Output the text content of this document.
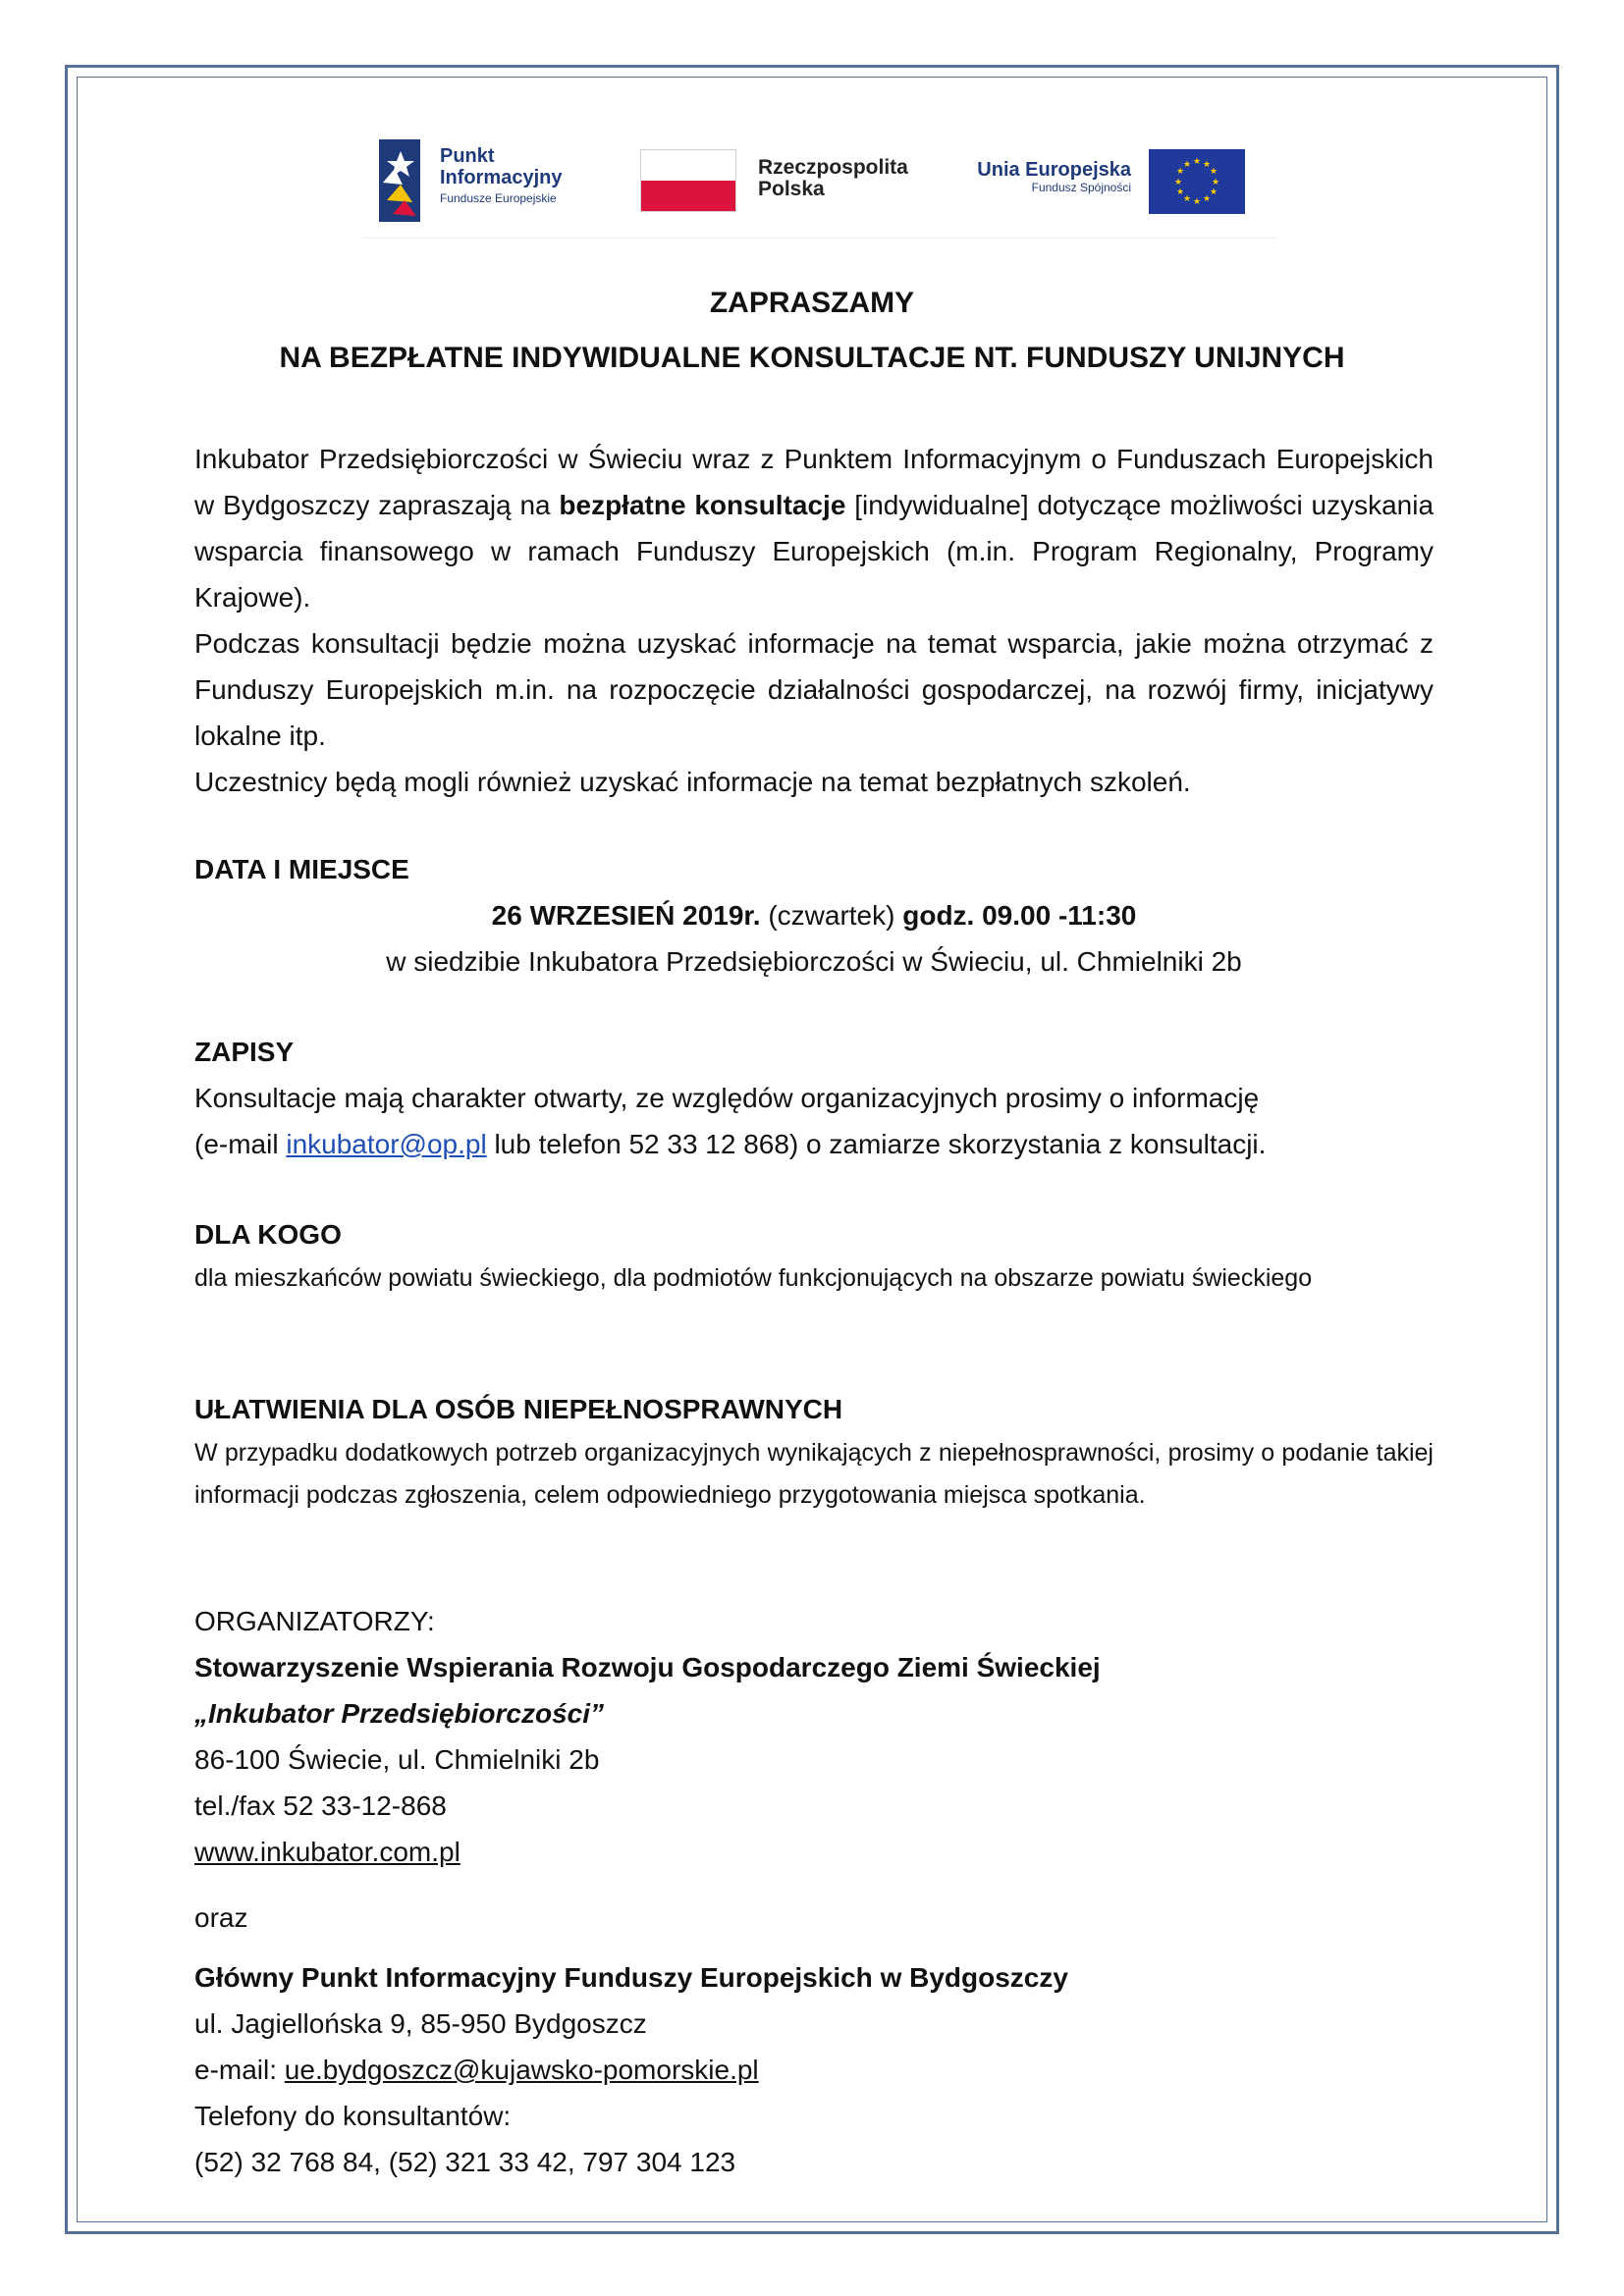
Punkt
Informacyjny
Fundusze Europejskie
Rzeczpospolita
Polska
Unia Europejska
Fundusz Spójności
★ ★
★
★
★
★
★
★
★
★
★
★
ZAPRASZAMY
NA BEZPŁATNE INDYWIDUALNE KONSULTACJE NT. FUNDUSZY UNIJNYCH

Inkubator Przedsiębiorczości w Świeciu wraz z Punktem Informacyjnym o Funduszach Europejskich w Bydgoszczy zapraszają na bezpłatne konsultacje [indywidualne] dotyczące możliwości uzyskania wsparcia finansowego w ramach Funduszy Europejskich (m.in. Program Regionalny, Programy Krajowe).

Podczas konsultacji będzie można uzyskać informacje na temat wsparcia, jakie można otrzymać z Funduszy Europejskich m.in. na rozpoczęcie działalności gospodarczej, na rozwój firmy, inicjatywy lokalne itp.

Uczestnicy będą mogli również uzyskać informacje na temat bezpłatnych szkoleń.

DATA I MIEJSCE

26 WRZESIEŃ 2019r. (czwartek) godz. 09.00 -11:30

w siedzibie Inkubatora Przedsiębiorczości w Świeciu, ul. Chmielniki 2b

ZAPISY

Konsultacje mają charakter otwarty, ze względów organizacyjnych prosimy o informację

(e-mail inkubator@op.pl lub telefon 52 33 12 868) o zamiarze skorzystania z konsultacji.

DLA KOGO

dla mieszkańców powiatu świeckiego, dla podmiotów funkcjonujących na obszarze powiatu świeckiego

UŁATWIENIA DLA OSÓB NIEPEŁNOSPRAWNYCH

W przypadku dodatkowych potrzeb organizacyjnych wynikających z niepełnosprawności, prosimy o podanie takiej informacji podczas zgłoszenia, celem odpowiedniego przygotowania miejsca spotkania.

ORGANIZATORZY:

Stowarzyszenie Wspierania Rozwoju Gospodarczego Ziemi Świeckiej

„Inkubator Przedsiębiorczości”

86-100 Świecie, ul. Chmielniki 2b

tel./fax 52 33-12-868

www.inkubator.com.pl

oraz

Główny Punkt Informacyjny Funduszy Europejskich w Bydgoszczy

ul. Jagiellońska 9, 85-950 Bydgoszcz

e-mail: ue.bydgoszcz@kujawsko-pomorskie.pl

Telefony do konsultantów:

(52) 32 768 84, (52) 321 33 42, 797 304 123
